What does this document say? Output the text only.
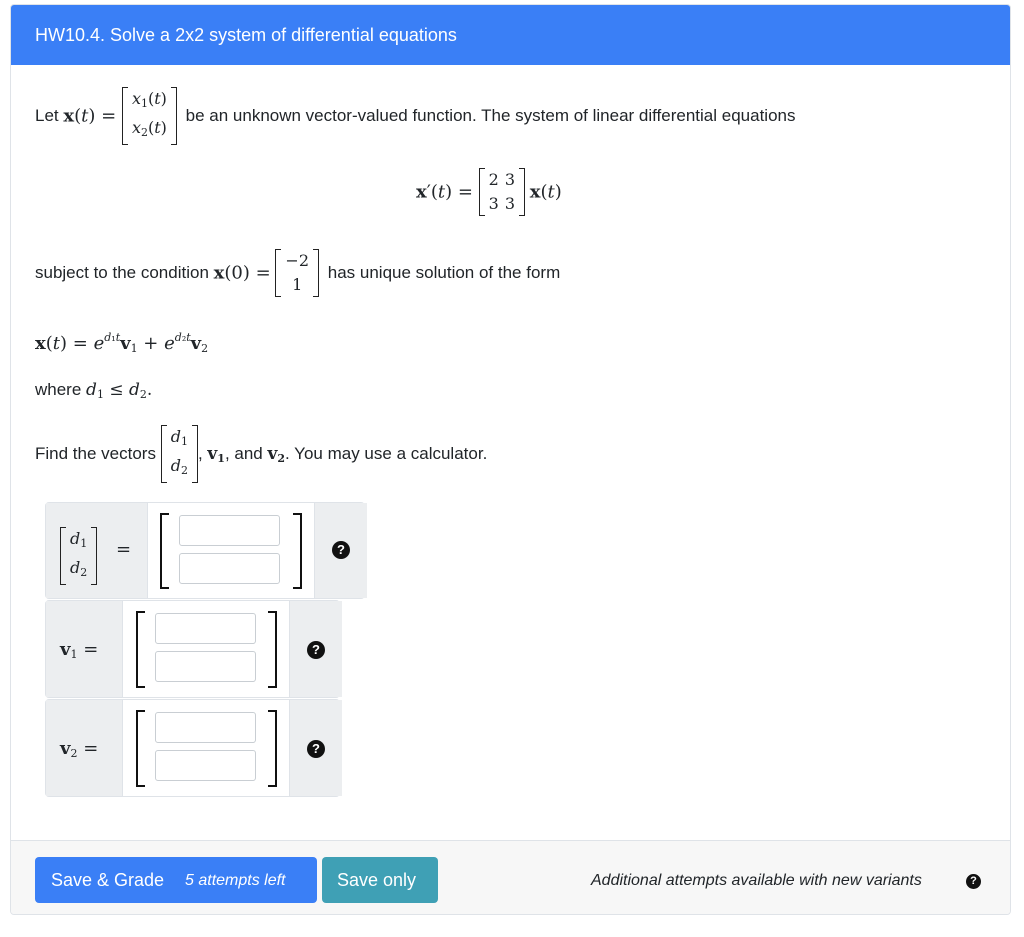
HW10.4. Solve a 2x2 system of differential equations
Let x(t) =
$x_1(t)$
$x_2(t)$
be an unknown vector-valued function. The system of linear differential equations
x′(t) =
2	3
3	3
x(t)
subject to the condition x(0) =
−2
1
has unique solution of the form
$x(t) = e^{d_1t}v_1 + e^{d_2t}v_2$
where $d_1 \le d_2$.
Find the vectors
$d_1$
$d_2$
, $v_1$, and $v_2$. You may use a calculator.
$d_1$
$d_2$
=	?
$v_1$ =	?
$v_2$ =	?
Save & Grade 5 attempts left	Save only	Additional attempts available with new variants	?
